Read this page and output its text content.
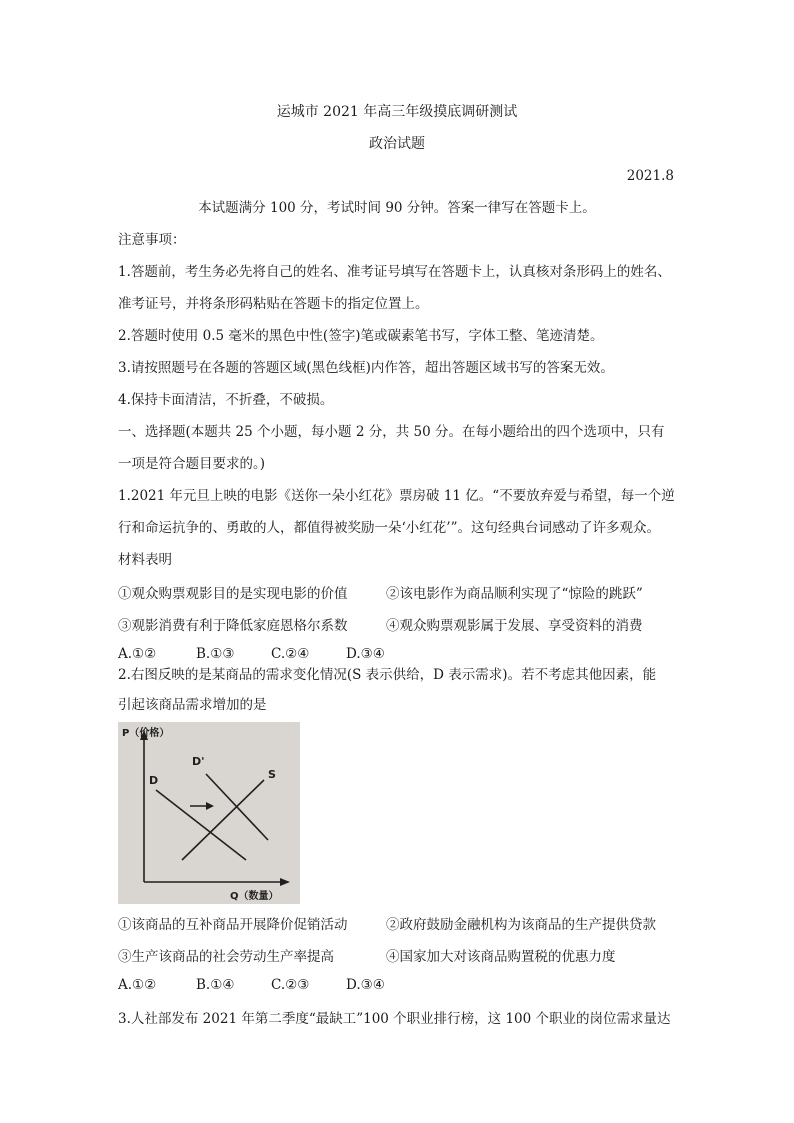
运城市 2021 年高三年级摸底调研测试
政治试题
2021.8
本试题满分 100 分，考试时间 90 分钟。答案一律写在答题卡上。
注意事项：
1.答题前，考生务必先将自己的姓名、准考证号填写在答题卡上，认真核对条形码上的姓名、
准考证号，并将条形码粘贴在答题卡的指定位置上。
2.答题时使用 0.5 毫米的黑色中性(签字)笔或碳素笔书写，字体工整、笔迹清楚。
3.请按照题号在各题的答题区域(黑色线框)内作答，超出答题区域书写的答案无效。
4.保持卡面清洁，不折叠，不破损。
一、选择题(本题共 25 个小题，每小题 2 分，共 50 分。在每小题给出的四个选项中，只有
一项是符合题目要求的。)
1.2021 年元旦上映的电影《送你一朵小红花》票房破 11 亿。“不要放弃爱与希望，每一个逆
行和命运抗争的、勇敢的人，都值得被奖励一朵‘小红花’”。这句经典台词感动了许多观众。
材料表明
①观众购票观影目的是实现电影的价值	②该电影作为商品顺利实现了“惊险的跳跃”
③观影消费有利于降低家庭恩格尔系数	④观众购票观影属于发展、享受资料的消费
A.①②	B.①③	C.②④	D.③④
2.右图反映的是某商品的需求变化情况(S 表示供给，D 表示需求)。若不考虑其他因素，能
引起该商品需求增加的是
P（价格）
Q（数量）
D
D'
S
①该商品的互补商品开展降价促销活动	②政府鼓励金融机构为该商品的生产提供贷款
③生产该商品的社会劳动生产率提高	④国家加大对该商品购置税的优惠力度
A.①②	B.①④	C.②③	D.③④
3.人社部发布 2021 年第二季度“最缺工”100 个职业排行榜，这 100 个职业的岗位需求量达
